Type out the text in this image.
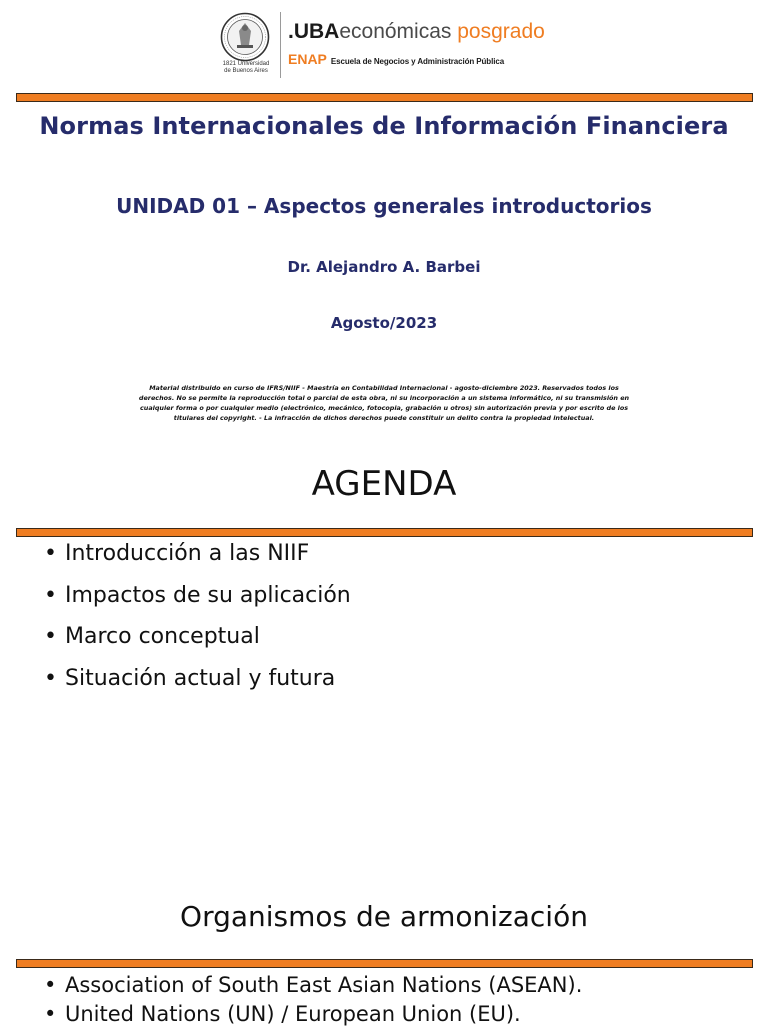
1821 Universidad
de Buenos Aires
.UBAeconómicas posgrado
ENAP Escuela de Negocios y Administración Pública
Normas Internacionales de Información Financiera
UNIDAD 01 – Aspectos generales introductorios
Dr. Alejandro A. Barbei
Agosto/2023
Material distribuido en curso de IFRS/NIIF - Maestría en Contabilidad Internacional - agosto-diciembre 2023. Reservados todos los
derechos. No se permite la reproducción total o parcial de esta obra, ni su incorporación a un sistema informático, ni su transmisión en
cualquier forma o por cualquier medio (electrónico, mecánico, fotocopia, grabación u otros) sin autorización previa y por escrito de los
titulares del copyright. - La infracción de dichos derechos puede constituir un delito contra la propiedad intelectual.
AGENDA
• Introducción a las NIIF
• Impactos de su aplicación
• Marco conceptual
• Situación actual y futura
Organismos de armonización
• Association of South East Asian Nations (ASEAN).
• United Nations (UN) / European Union (EU).
